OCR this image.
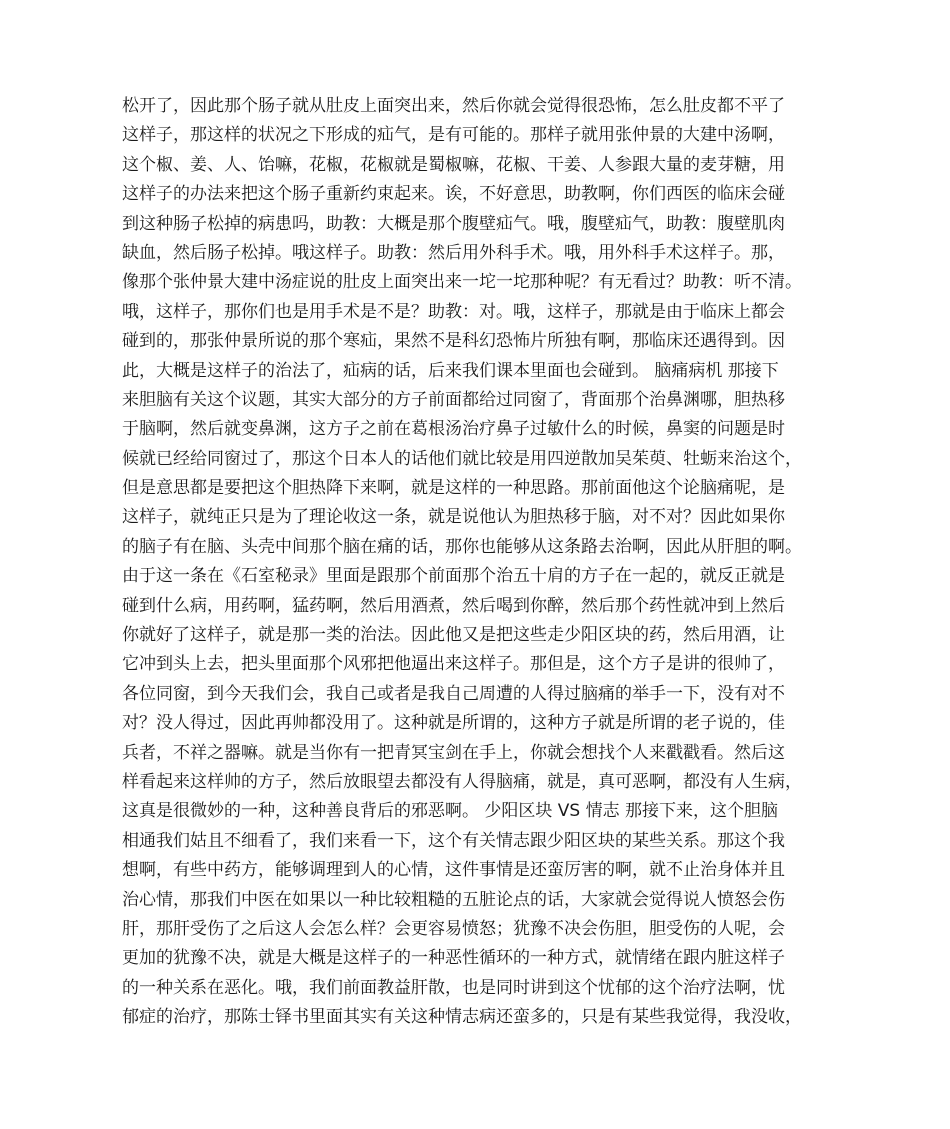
松开了，因此那个肠子就从肚皮上面突出来，然后你就会觉得很恐怖，怎么肚皮都不平了
这样子，那这样的状况之下形成的疝气，是有可能的。那样子就用张仲景的大建中汤啊，
这个椒、姜、人、饴嘛，花椒，花椒就是蜀椒嘛，花椒、干姜、人参跟大量的麦芽糖，用
这样子的办法来把这个肠子重新约束起来。诶，不好意思，助教啊，你们西医的临床会碰
到这种肠子松掉的病患吗，助教：大概是那个腹壁疝气。哦，腹壁疝气，助教：腹壁肌肉
缺血，然后肠子松掉。哦这样子。助教：然后用外科手术。哦，用外科手术这样子。那，
像那个张仲景大建中汤症说的肚皮上面突出来一坨一坨那种呢？有无看过？助教：听不清。
哦，这样子，那你们也是用手术是不是？助教：对。哦，这样子，那就是由于临床上都会
碰到的，那张仲景所说的那个寒疝，果然不是科幻恐怖片所独有啊，那临床还遇得到。因
此，大概是这样子的治法了，疝病的话，后来我们课本里面也会碰到。 脑痛病机 那接下
来胆脑有关这个议题，其实大部分的方子前面都给过同窗了，背面那个治鼻渊哪，胆热移
于脑啊，然后就变鼻渊，这方子之前在葛根汤治疗鼻子过敏什么的时候，鼻窦的问题是时
候就已经给同窗过了，那这个日本人的话他们就比较是用四逆散加吴茱萸、牡蛎来治这个，
但是意思都是要把这个胆热降下来啊，就是这样的一种思路。那前面他这个论脑痛呢，是
这样子，就纯正只是为了理论收这一条，就是说他认为胆热移于脑，对不对？因此如果你
的脑子有在脑、头壳中间那个脑在痛的话，那你也能够从这条路去治啊，因此从肝胆的啊。
由于这一条在《石室秘录》里面是跟那个前面那个治五十肩的方子在一起的，就反正就是
碰到什么病，用药啊，猛药啊，然后用酒煮，然后喝到你醉，然后那个药性就冲到上然后
你就好了这样子，就是那一类的治法。因此他又是把这些走少阳区块的药，然后用酒，让
它冲到头上去，把头里面那个风邪把他逼出来这样子。那但是，这个方子是讲的很帅了，
各位同窗，到今天我们会，我自己或者是我自己周遭的人得过脑痛的举手一下，没有对不
对？没人得过，因此再帅都没用了。这种就是所谓的，这种方子就是所谓的老子说的，佳
兵者，不祥之器嘛。就是当你有一把青冥宝剑在手上，你就会想找个人来戳戳看。然后这
样看起来这样帅的方子，然后放眼望去都没有人得脑痛，就是，真可恶啊，都没有人生病，
这真是很微妙的一种，这种善良背后的邪恶啊。 少阳区块 VS 情志 那接下来，这个胆脑
相通我们姑且不细看了，我们来看一下，这个有关情志跟少阳区块的某些关系。那这个我
想啊，有些中药方，能够调理到人的心情，这件事情是还蛮厉害的啊，就不止治身体并且
治心情，那我们中医在如果以一种比较粗糙的五脏论点的话，大家就会觉得说人愤怒会伤
肝，那肝受伤了之后这人会怎么样？会更容易愤怒；犹豫不决会伤胆，胆受伤的人呢，会
更加的犹豫不决，就是大概是这样子的一种恶性循环的一种方式，就情绪在跟内脏这样子
的一种关系在恶化。哦，我们前面教益肝散，也是同时讲到这个忧郁的这个治疗法啊，忧
郁症的治疗，那陈士铎书里面其实有关这种情志病还蛮多的，只是有某些我觉得，我没收，
